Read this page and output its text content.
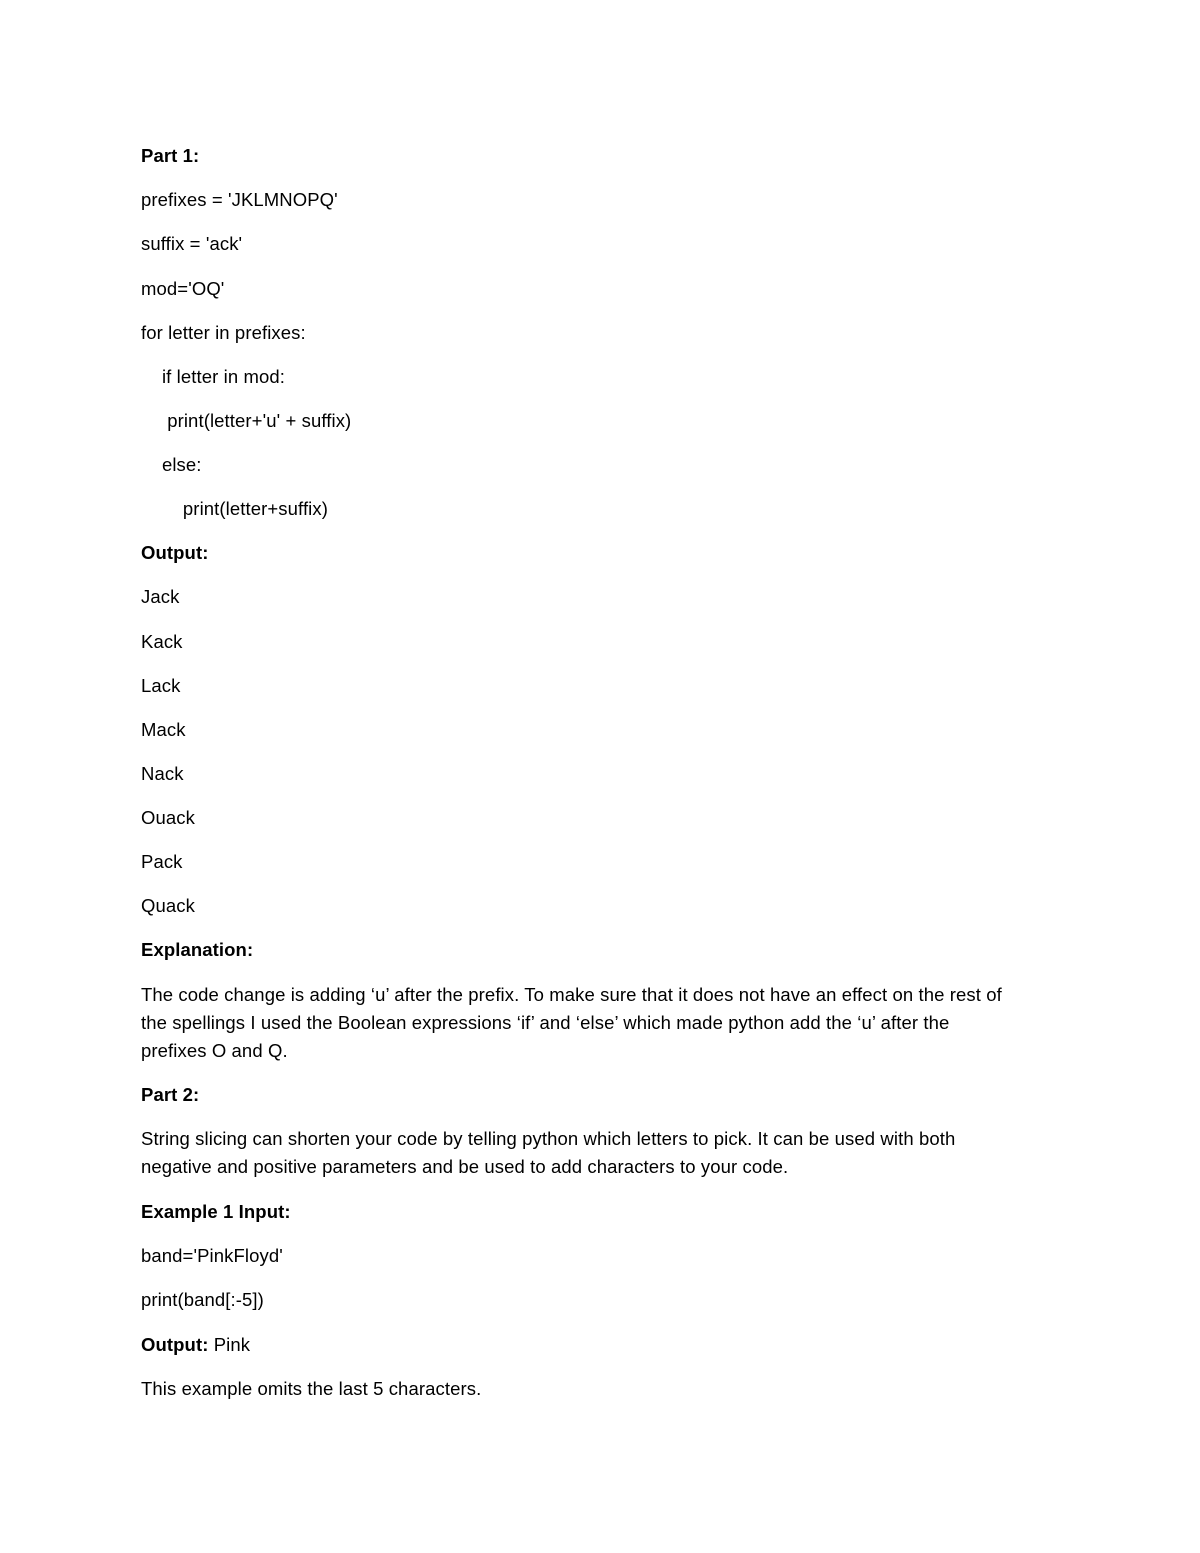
Part 1:
prefixes = 'JKLMNOPQ'
suffix = 'ack'
mod='OQ'
for letter in prefixes:
if letter in mod:
print(letter+'u' + suffix)
else:
print(letter+suffix)
Output:
Jack
Kack
Lack
Mack
Nack
Ouack
Pack
Quack
Explanation:
The code change is adding ‘u’ after the prefix. To make sure that it does not have an effect on the rest of
the spellings I used the Boolean expressions ‘if’ and ‘else’ which made python add the ‘u’ after the
prefixes O and Q.
Part 2:
String slicing can shorten your code by telling python which letters to pick. It can be used with both
negative and positive parameters and be used to add characters to your code.
Example 1 Input:
band='PinkFloyd'
print(band[:-5])
Output: Pink
This example omits the last 5 characters.
